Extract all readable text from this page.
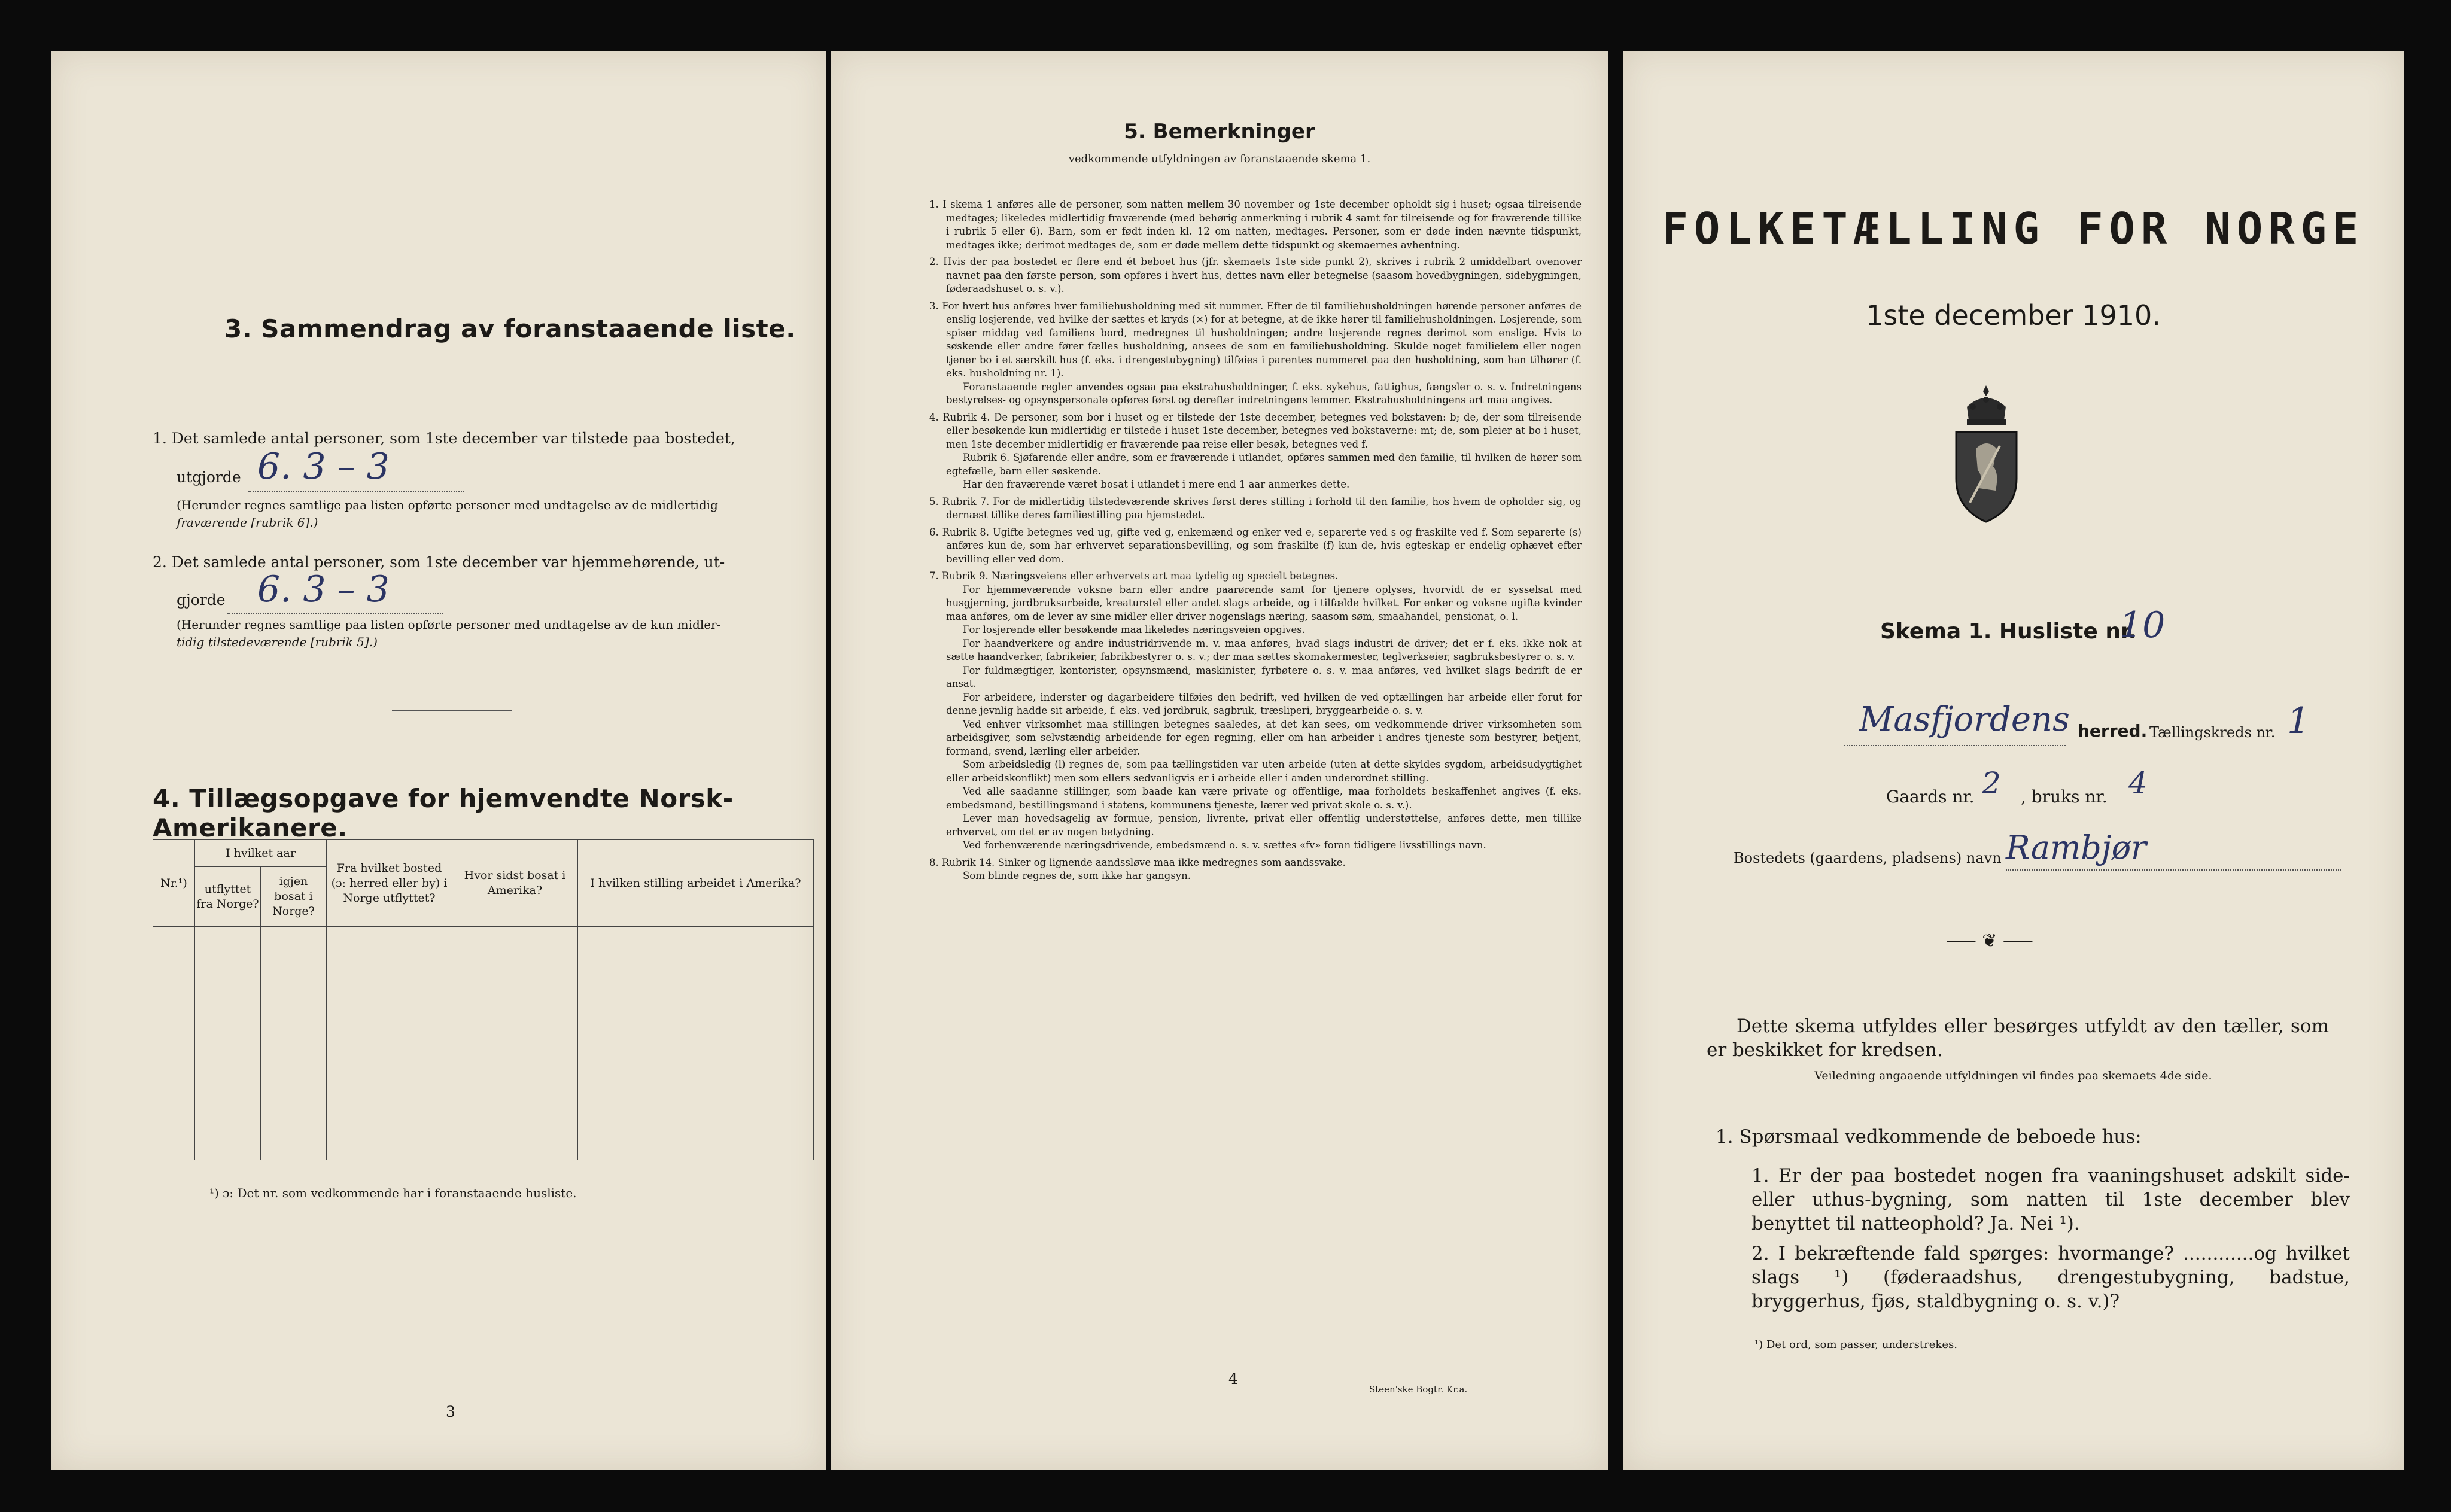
3. Sammendrag av foranstaaende liste.
1. Det samlede antal personer, som 1ste december var tilstede paa bostedet,
utgjorde 6. 3 – 3
(Herunder regnes samtlige paa listen opførte personer med undtagelse av de midlertidig
fraværende [rubrik 6].)
2. Det samlede antal personer, som 1ste december var hjemmehørende, ut-
gjorde 6. 3 – 3
(Herunder regnes samtlige paa listen opførte personer med undtagelse av de kun midler-
tidig tilstedeværende [rubrik 5].)
4. Tillægsopgave for hjemvendte Norsk-Amerikanere.
Nr.¹)	I hvilket aar		Fra hvilket bosted (ɔ: herred eller by) i Norge utflyttet?	Hvor sidst bosat i Amerika?	I hvilken stilling arbeidet i Amerika?
	utflyttet fra Norge?	igjen bosat i Norge?			

¹) ɔ: Det nr. som vedkommende har i foranstaaende husliste.
3
5. Bemerkninger
vedkommende utfyldningen av foranstaaende skema 1.

1. I skema 1 anføres alle de personer, som natten mellem 30 november og 1ste december opholdt sig i huset; ogsaa tilreisende medtages; likeledes midlertidig fraværende (med behørig anmerkning i rubrik 4 samt for tilreisende og for fraværende tillike i rubrik 5 eller 6). Barn, som er født inden kl. 12 om natten, medtages. Personer, som er døde inden nævnte tidspunkt, medtages ikke; derimot medtages de, som er døde mellem dette tidspunkt og skemaernes avhentning.

2. Hvis der paa bostedet er flere end ét beboet hus (jfr. skemaets 1ste side punkt 2), skrives i rubrik 2 umiddelbart ovenover navnet paa den første person, som opføres i hvert hus, dettes navn eller betegnelse (saasom hovedbygningen, sidebygningen, føderaadshuset o. s. v.).

3. For hvert hus anføres hver familiehusholdning med sit nummer. Efter de til familiehusholdningen hørende personer anføres de enslig losjerende, ved hvilke der sættes et kryds (×) for at betegne, at de ikke hører til familiehusholdningen. Losjerende, som spiser middag ved familiens bord, medregnes til husholdningen; andre losjerende regnes derimot som enslige. Hvis to søskende eller andre fører fælles husholdning, ansees de som en familiehusholdning. Skulde noget familielem eller nogen tjener bo i et særskilt hus (f. eks. i drengestubygning) tilføies i parentes nummeret paa den husholdning, som han tilhører (f. eks. husholdning nr. 1).

Foranstaaende regler anvendes ogsaa paa ekstrahusholdninger, f. eks. sykehus, fattighus, fængsler o. s. v. Indretningens bestyrelses- og opsynspersonale opføres først og derefter indretningens lemmer. Ekstrahusholdningens art maa angives.

4. Rubrik 4. De personer, som bor i huset og er tilstede der 1ste december, betegnes ved bokstaven: b; de, der som tilreisende eller besøkende kun midlertidig er tilstede i huset 1ste december, betegnes ved bokstaverne: mt; de, som pleier at bo i huset, men 1ste december midlertidig er fraværende paa reise eller besøk, betegnes ved f.

Rubrik 6. Sjøfarende eller andre, som er fraværende i utlandet, opføres sammen med den familie, til hvilken de hører som egtefælle, barn eller søskende.

Har den fraværende været bosat i utlandet i mere end 1 aar anmerkes dette.

5. Rubrik 7. For de midlertidig tilstedeværende skrives først deres stilling i forhold til den familie, hos hvem de opholder sig, og dernæst tillike deres familiestilling paa hjemstedet.

6. Rubrik 8. Ugifte betegnes ved ug, gifte ved g, enkemænd og enker ved e, separerte ved s og fraskilte ved f. Som separerte (s) anføres kun de, som har erhvervet separationsbevilling, og som fraskilte (f) kun de, hvis egteskap er endelig ophævet efter bevilling eller ved dom.

7. Rubrik 9. Næringsveiens eller erhvervets art maa tydelig og specielt betegnes.

For hjemmeværende voksne barn eller andre paarørende samt for tjenere oplyses, hvorvidt de er sysselsat med husgjerning, jordbruksarbeide, kreaturstel eller andet slags arbeide, og i tilfælde hvilket. For enker og voksne ugifte kvinder maa anføres, om de lever av sine midler eller driver nogenslags næring, saasom søm, smaahandel, pensionat, o. l.

For losjerende eller besøkende maa likeledes næringsveien opgives.

For haandverkere og andre industridrivende m. v. maa anføres, hvad slags industri de driver; det er f. eks. ikke nok at sætte haandverker, fabrikeier, fabrikbestyrer o. s. v.; der maa sættes skomakermester, teglverkseier, sagbruksbestyrer o. s. v.

For fuldmægtiger, kontorister, opsynsmænd, maskinister, fyrbøtere o. s. v. maa anføres, ved hvilket slags bedrift de er ansat.

For arbeidere, inderster og dagarbeidere tilføies den bedrift, ved hvilken de ved optællingen har arbeide eller forut for denne jevnlig hadde sit arbeide, f. eks. ved jordbruk, sagbruk, træsliperi, bryggearbeide o. s. v.

Ved enhver virksomhet maa stillingen betegnes saaledes, at det kan sees, om vedkommende driver virksomheten som arbeidsgiver, som selvstændig arbeidende for egen regning, eller om han arbeider i andres tjeneste som bestyrer, betjent, formand, svend, lærling eller arbeider.

Som arbeidsledig (l) regnes de, som paa tællingstiden var uten arbeide (uten at dette skyldes sygdom, arbeidsudygtighet eller arbeidskonflikt) men som ellers sedvanligvis er i arbeide eller i anden underordnet stilling.

Ved alle saadanne stillinger, som baade kan være private og offentlige, maa forholdets beskaffenhet angives (f. eks. embedsmand, bestillingsmand i statens, kommunens tjeneste, lærer ved privat skole o. s. v.).

Lever man hovedsagelig av formue, pension, livrente, privat eller offentlig understøttelse, anføres dette, men tillike erhvervet, om det er av nogen betydning.

Ved forhenværende næringsdrivende, embedsmænd o. s. v. sættes «fv» foran tidligere livsstillings navn.

8. Rubrik 14. Sinker og lignende aandssløve maa ikke medregnes som aandssvake.

Som blinde regnes de, som ikke har gangsyn.

4
Steen'ske Bogtr. Kr.a.
FOLKETÆLLING FOR NORGE
1ste december 1910.
Skema 1. Husliste nr.
10
Masfjordens herred. Tællingskreds nr. 1
Gaards nr. 2 , bruks nr. 4
Bostedets (gaardens, pladsens) navn Rambjør
⸺ ❦ ⸺
Dette skema utfyldes eller besørges utfyldt av den tæller, som er beskikket for kredsen.
Veiledning angaaende utfyldningen vil findes paa skemaets 4de side.
1. Spørsmaal vedkommende de beboede hus:
1. Er der paa bostedet nogen fra vaaningshuset adskilt side- eller uthus-bygning, som natten til 1ste december blev benyttet til natteophold? Ja. Nei ¹).
2. I bekræftende fald spørges: hvormange? ............og hvilket slags ¹) (føderaadshus, drengestubygning, badstue, bryggerhus, fjøs, staldbygning o. s. v.)?
¹) Det ord, som passer, understrekes.
